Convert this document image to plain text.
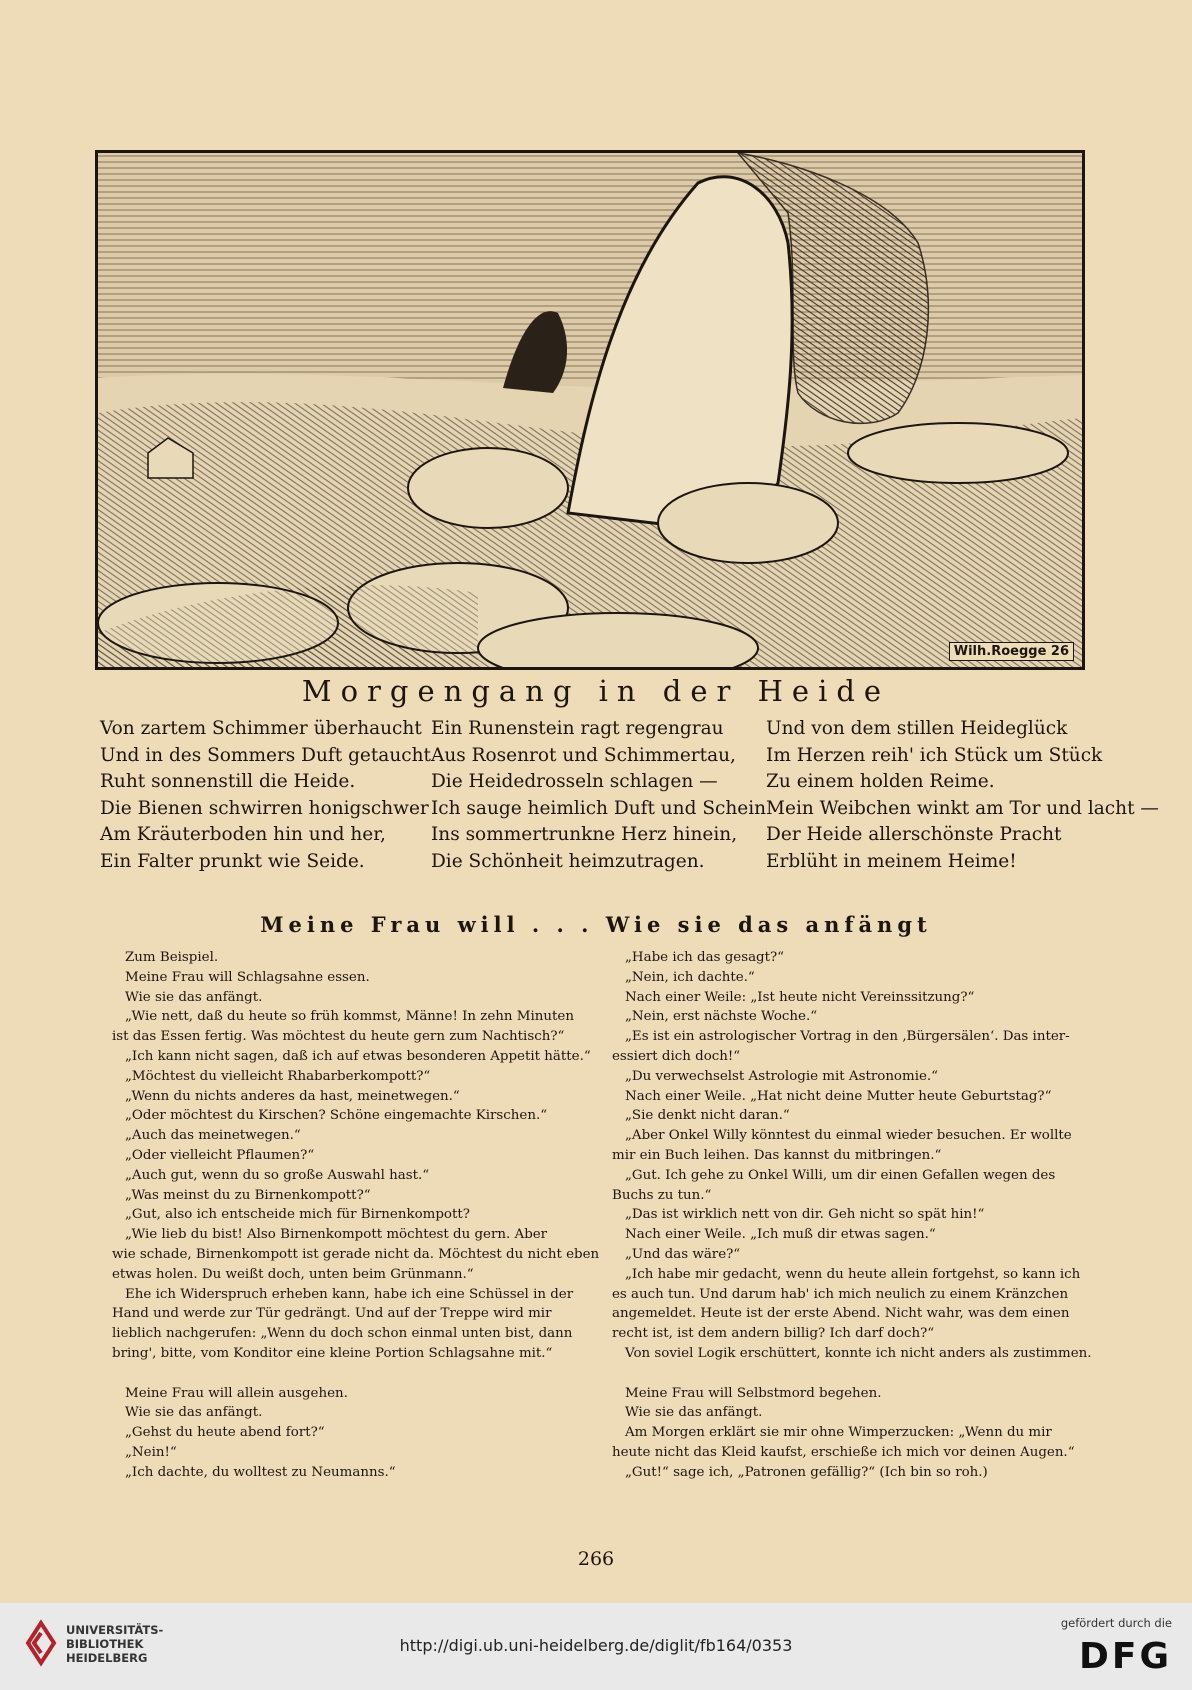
Wilh.Roegge 26
Morgengang in der Heide
Von zartem Schimmer überhaucht
Und in des Sommers Duft getaucht
Ruht sonnenstill die Heide.
Die Bienen schwirren honigschwer
Am Kräuterboden hin und her,
Ein Falter prunkt wie Seide.
Ein Runenstein ragt regengrau
Aus Rosenrot und Schimmertau,
Die Heidedrosseln schlagen —
Ich sauge heimlich Duft und Schein
Ins sommertrunkne Herz hinein,
Die Schönheit heimzutragen.
Und von dem stillen Heideglück
Im Herzen reih' ich Stück um Stück
Zu einem holden Reime.
Mein Weibchen winkt am Tor und lacht —
Der Heide allerschönste Pracht
Erblüht in meinem Heime!
Meine Frau will . . . Wie sie das anfängt
Zum Beispiel.
Meine Frau will Schlagsahne essen.
Wie sie das anfängt.
„Wie nett, daß du heute so früh kommst, Männe! In zehn Minuten
ist das Essen fertig. Was möchtest du heute gern zum Nachtisch?“
„Ich kann nicht sagen, daß ich auf etwas besonderen Appetit hätte.“
„Möchtest du vielleicht Rhabarberkompott?“
„Wenn du nichts anderes da hast, meinetwegen.“
„Oder möchtest du Kirschen? Schöne eingemachte Kirschen.“
„Auch das meinetwegen.“
„Oder vielleicht Pflaumen?“
„Auch gut, wenn du so große Auswahl hast.“
„Was meinst du zu Birnenkompott?“
„Gut, also ich entscheide mich für Birnenkompott?
„Wie lieb du bist! Also Birnenkompott möchtest du gern. Aber
wie schade, Birnenkompott ist gerade nicht da. Möchtest du nicht eben
etwas holen. Du weißt doch, unten beim Grünmann.“
Ehe ich Widerspruch erheben kann, habe ich eine Schüssel in der
Hand und werde zur Tür gedrängt. Und auf der Treppe wird mir
lieblich nachgerufen: „Wenn du doch schon einmal unten bist, dann
bring', bitte, vom Konditor eine kleine Portion Schlagsahne mit.“
Meine Frau will allein ausgehen.
Wie sie das anfängt.
„Gehst du heute abend fort?“
„Nein!“
„Ich dachte, du wolltest zu Neumanns.“
„Habe ich das gesagt?“
„Nein, ich dachte.“
Nach einer Weile: „Ist heute nicht Vereinssitzung?“
„Nein, erst nächste Woche.“
„Es ist ein astrologischer Vortrag in den ‚Bürgersälen‘. Das inter-
essiert dich doch!“
„Du verwechselst Astrologie mit Astronomie.“
Nach einer Weile. „Hat nicht deine Mutter heute Geburtstag?“
„Sie denkt nicht daran.“
„Aber Onkel Willy könntest du einmal wieder besuchen. Er wollte
mir ein Buch leihen. Das kannst du mitbringen.“
„Gut. Ich gehe zu Onkel Willi, um dir einen Gefallen wegen des
Buchs zu tun.“
„Das ist wirklich nett von dir. Geh nicht so spät hin!“
Nach einer Weile. „Ich muß dir etwas sagen.“
„Und das wäre?“
„Ich habe mir gedacht, wenn du heute allein fortgehst, so kann ich
es auch tun. Und darum hab' ich mich neulich zu einem Kränzchen
angemeldet. Heute ist der erste Abend. Nicht wahr, was dem einen
recht ist, ist dem andern billig? Ich darf doch?“
Von soviel Logik erschüttert, konnte ich nicht anders als zustimmen.
Meine Frau will Selbstmord begehen.
Wie sie das anfängt.
Am Morgen erklärt sie mir ohne Wimperzucken: „Wenn du mir
heute nicht das Kleid kaufst, erschieße ich mich vor deinen Augen.“
„Gut!“ sage ich, „Patronen gefällig?“ (Ich bin so roh.)
266
UNIVERSITÄTS-
BIBLIOTHEK
HEIDELBERG
http://digi.ub.uni-heidelberg.de/diglit/fb164/0353
gefördert durch die
DFG
